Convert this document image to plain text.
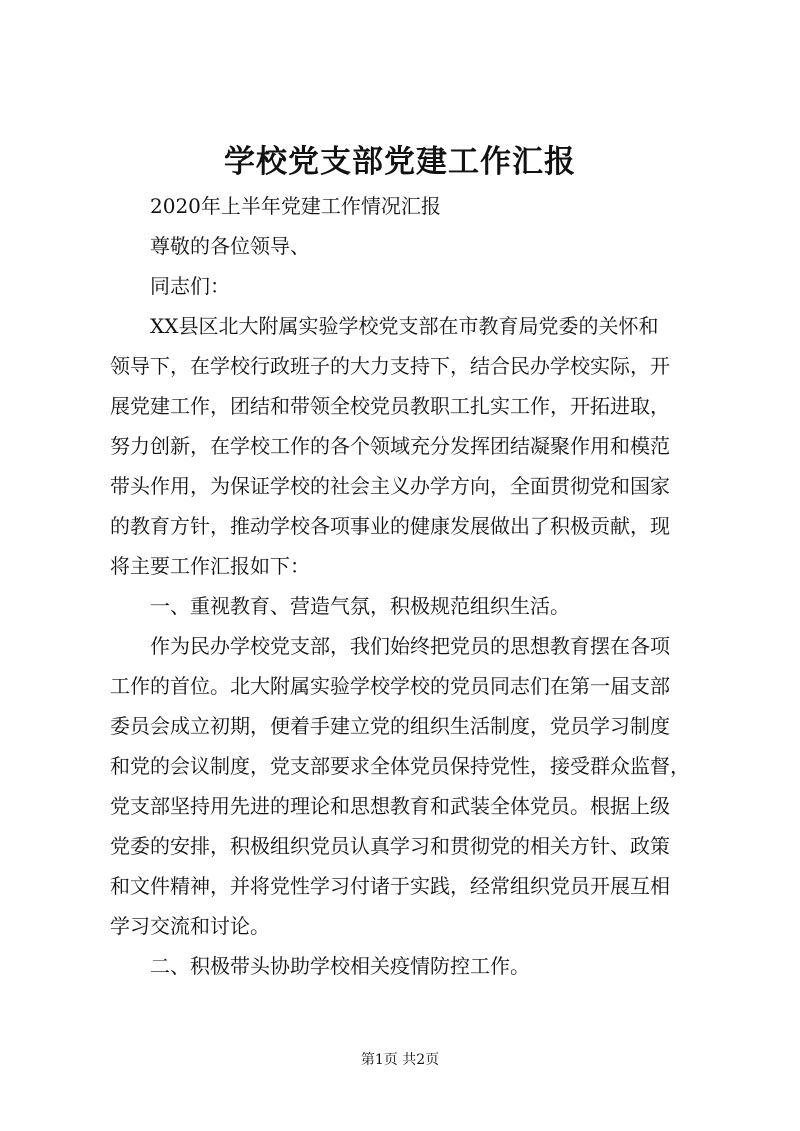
学校党支部党建工作汇报
2020年上半年党建工作情况汇报
尊敬的各位领导、
同志们：
XX县区北大附属实验学校党支部在市教育局党委的关怀和
领导下，在学校行政班子的大力支持下，结合民办学校实际，开
展党建工作，团结和带领全校党员教职工扎实工作，开拓进取，
努力创新，在学校工作的各个领域充分发挥团结凝聚作用和模范
带头作用，为保证学校的社会主义办学方向，全面贯彻党和国家
的教育方针，推动学校各项事业的健康发展做出了积极贡献，现
将主要工作汇报如下：
一、重视教育、营造气氛，积极规范组织生活。
作为民办学校党支部，我们始终把党员的思想教育摆在各项
工作的首位。北大附属实验学校学校的党员同志们在第一届支部
委员会成立初期，便着手建立党的组织生活制度，党员学习制度
和党的会议制度，党支部要求全体党员保持党性，接受群众监督，
党支部坚持用先进的理论和思想教育和武装全体党员。根据上级
党委的安排，积极组织党员认真学习和贯彻党的相关方针、政策
和文件精神，并将党性学习付诸于实践，经常组织党员开展互相
学习交流和讨论。
二、积极带头协助学校相关疫情防控工作。
第1页 共2页
